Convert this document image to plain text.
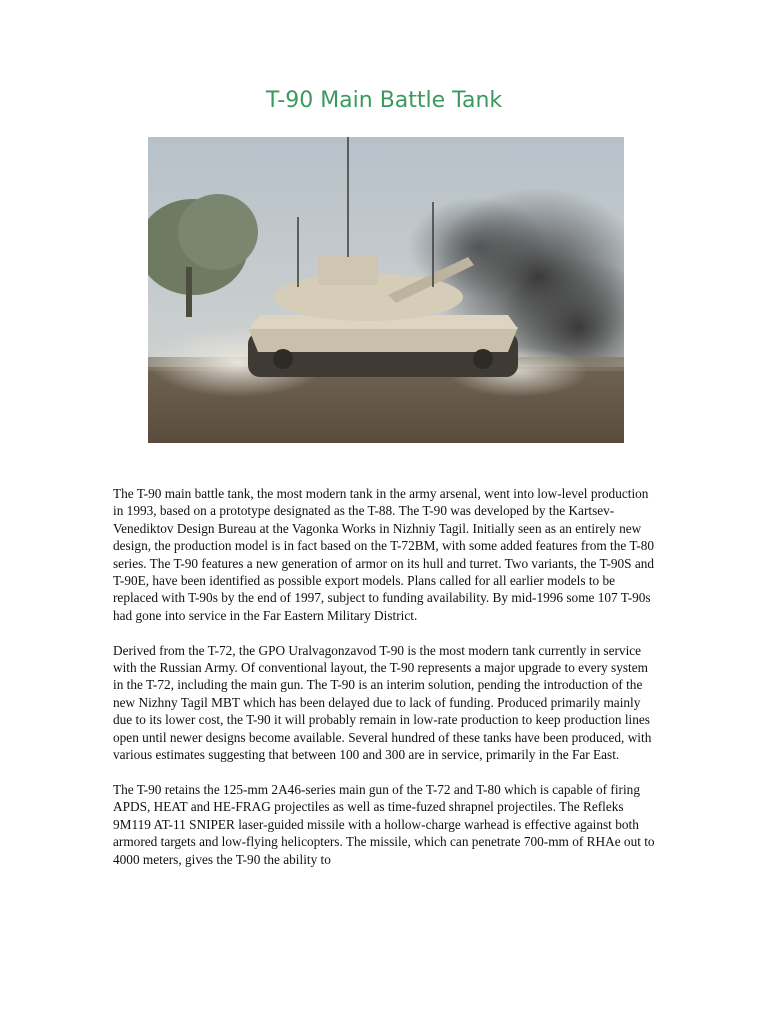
T-90 Main Battle Tank

The T-90 main battle tank, the most modern tank in the army arsenal, went into low-level production in 1993, based on a prototype designated as the T-88. The T-90 was developed by the Kartsev-Venediktov Design Bureau at the Vagonka Works in Nizhniy Tagil. Initially seen as an entirely new design, the production model is in fact based on the T-72BM, with some added features from the T-80 series. The T-90 features a new generation of armor on its hull and turret. Two variants, the T-90S and T-90E, have been identified as possible export models. Plans called for all earlier models to be replaced with T-90s by the end of 1997, subject to funding availability. By mid-1996 some 107 T-90s had gone into service in the Far Eastern Military District.

Derived from the T-72, the GPO Uralvagonzavod T-90 is the most modern tank currently in service with the Russian Army. Of conventional layout, the T-90 represents a major upgrade to every system in the T-72, including the main gun. The T-90 is an interim solution, pending the introduction of the new Nizhny Tagil MBT which has been delayed due to lack of funding. Produced primarily mainly due to its lower cost, the T-90 it will probably remain in low-rate production to keep production lines open until newer designs become available. Several hundred of these tanks have been produced, with various estimates suggesting that between 100 and 300 are in service, primarily in the Far East.

The T-90 retains the 125-mm 2A46-series main gun of the T-72 and T-80 which is capable of firing APDS, HEAT and HE-FRAG projectiles as well as time-fuzed shrapnel projectiles. The Refleks 9M119 AT-11 SNIPER laser-guided missile with a hollow-charge warhead is effective against both armored targets and low-flying helicopters. The missile, which can penetrate 700-mm of RHAe out to 4000 meters, gives the T-90 the ability to
